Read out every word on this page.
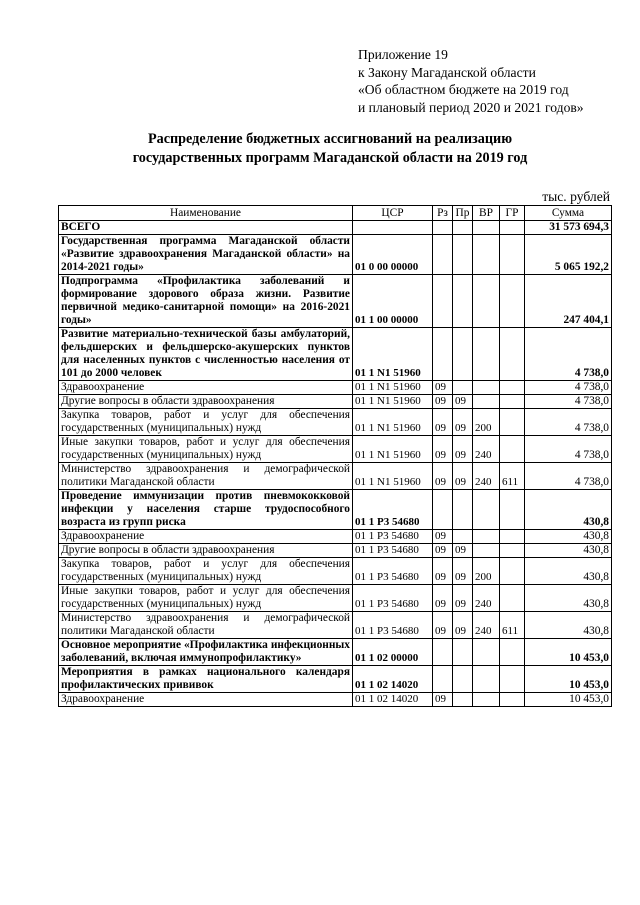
Приложение 19
к Закону Магаданской области
«Об областном бюджете на 2019 год
и плановый период 2020 и 2021 годов»
Распределение бюджетных ассигнований на реализацию
государственных программ Магаданской области на 2019 год
тыс. рублей
Наименование	ЦСР	Рз	Пр	ВР	ГР	Сумма
ВСЕГО						31 573 694,3
Государственная программа Магаданской области «Развитие здравоохранения Магаданской области» на 2014-2021 годы»	01 0 00 00000					5 065 192,2
Подпрограмма «Профилактика заболеваний и формирование здорового образа жизни. Развитие первичной медико-санитарной помощи» на 2016-2021 годы»	01 1 00 00000					247 404,1
Развитие материально-технической базы амбулаторий, фельдшерских и фельдшерско-акушерских пунктов для населенных пунктов с численностью населения от 101 до 2000 человек	01 1 N1 51960					4 738,0
Здравоохранение	01 1 N1 51960	09				4 738,0
Другие вопросы в области здравоохранения	01 1 N1 51960	09	09			4 738,0
Закупка товаров, работ и услуг для обеспечения государственных (муниципальных) нужд	01 1 N1 51960	09	09	200		4 738,0
Иные закупки товаров, работ и услуг для обеспечения государственных (муниципальных) нужд	01 1 N1 51960	09	09	240		4 738,0
Министерство здравоохранения и демографической политики Магаданской области	01 1 N1 51960	09	09	240	611	4 738,0
Проведение иммунизации против пневмококковой инфекции у населения старше трудоспособного возраста из групп риска	01 1 P3 54680					430,8
Здравоохранение	01 1 P3 54680	09				430,8
Другие вопросы в области здравоохранения	01 1 P3 54680	09	09			430,8
Закупка товаров, работ и услуг для обеспечения государственных (муниципальных) нужд	01 1 P3 54680	09	09	200		430,8
Иные закупки товаров, работ и услуг для обеспечения государственных (муниципальных) нужд	01 1 P3 54680	09	09	240		430,8
Министерство здравоохранения и демографической политики Магаданской области	01 1 P3 54680	09	09	240	611	430,8
Основное мероприятие «Профилактика инфекционных заболеваний, включая иммунопрофилактику»	01 1 02 00000					10 453,0
Мероприятия в рамках национального календаря профилактических прививок	01 1 02 14020					10 453,0
Здравоохранение	01 1 02 14020	09				10 453,0
